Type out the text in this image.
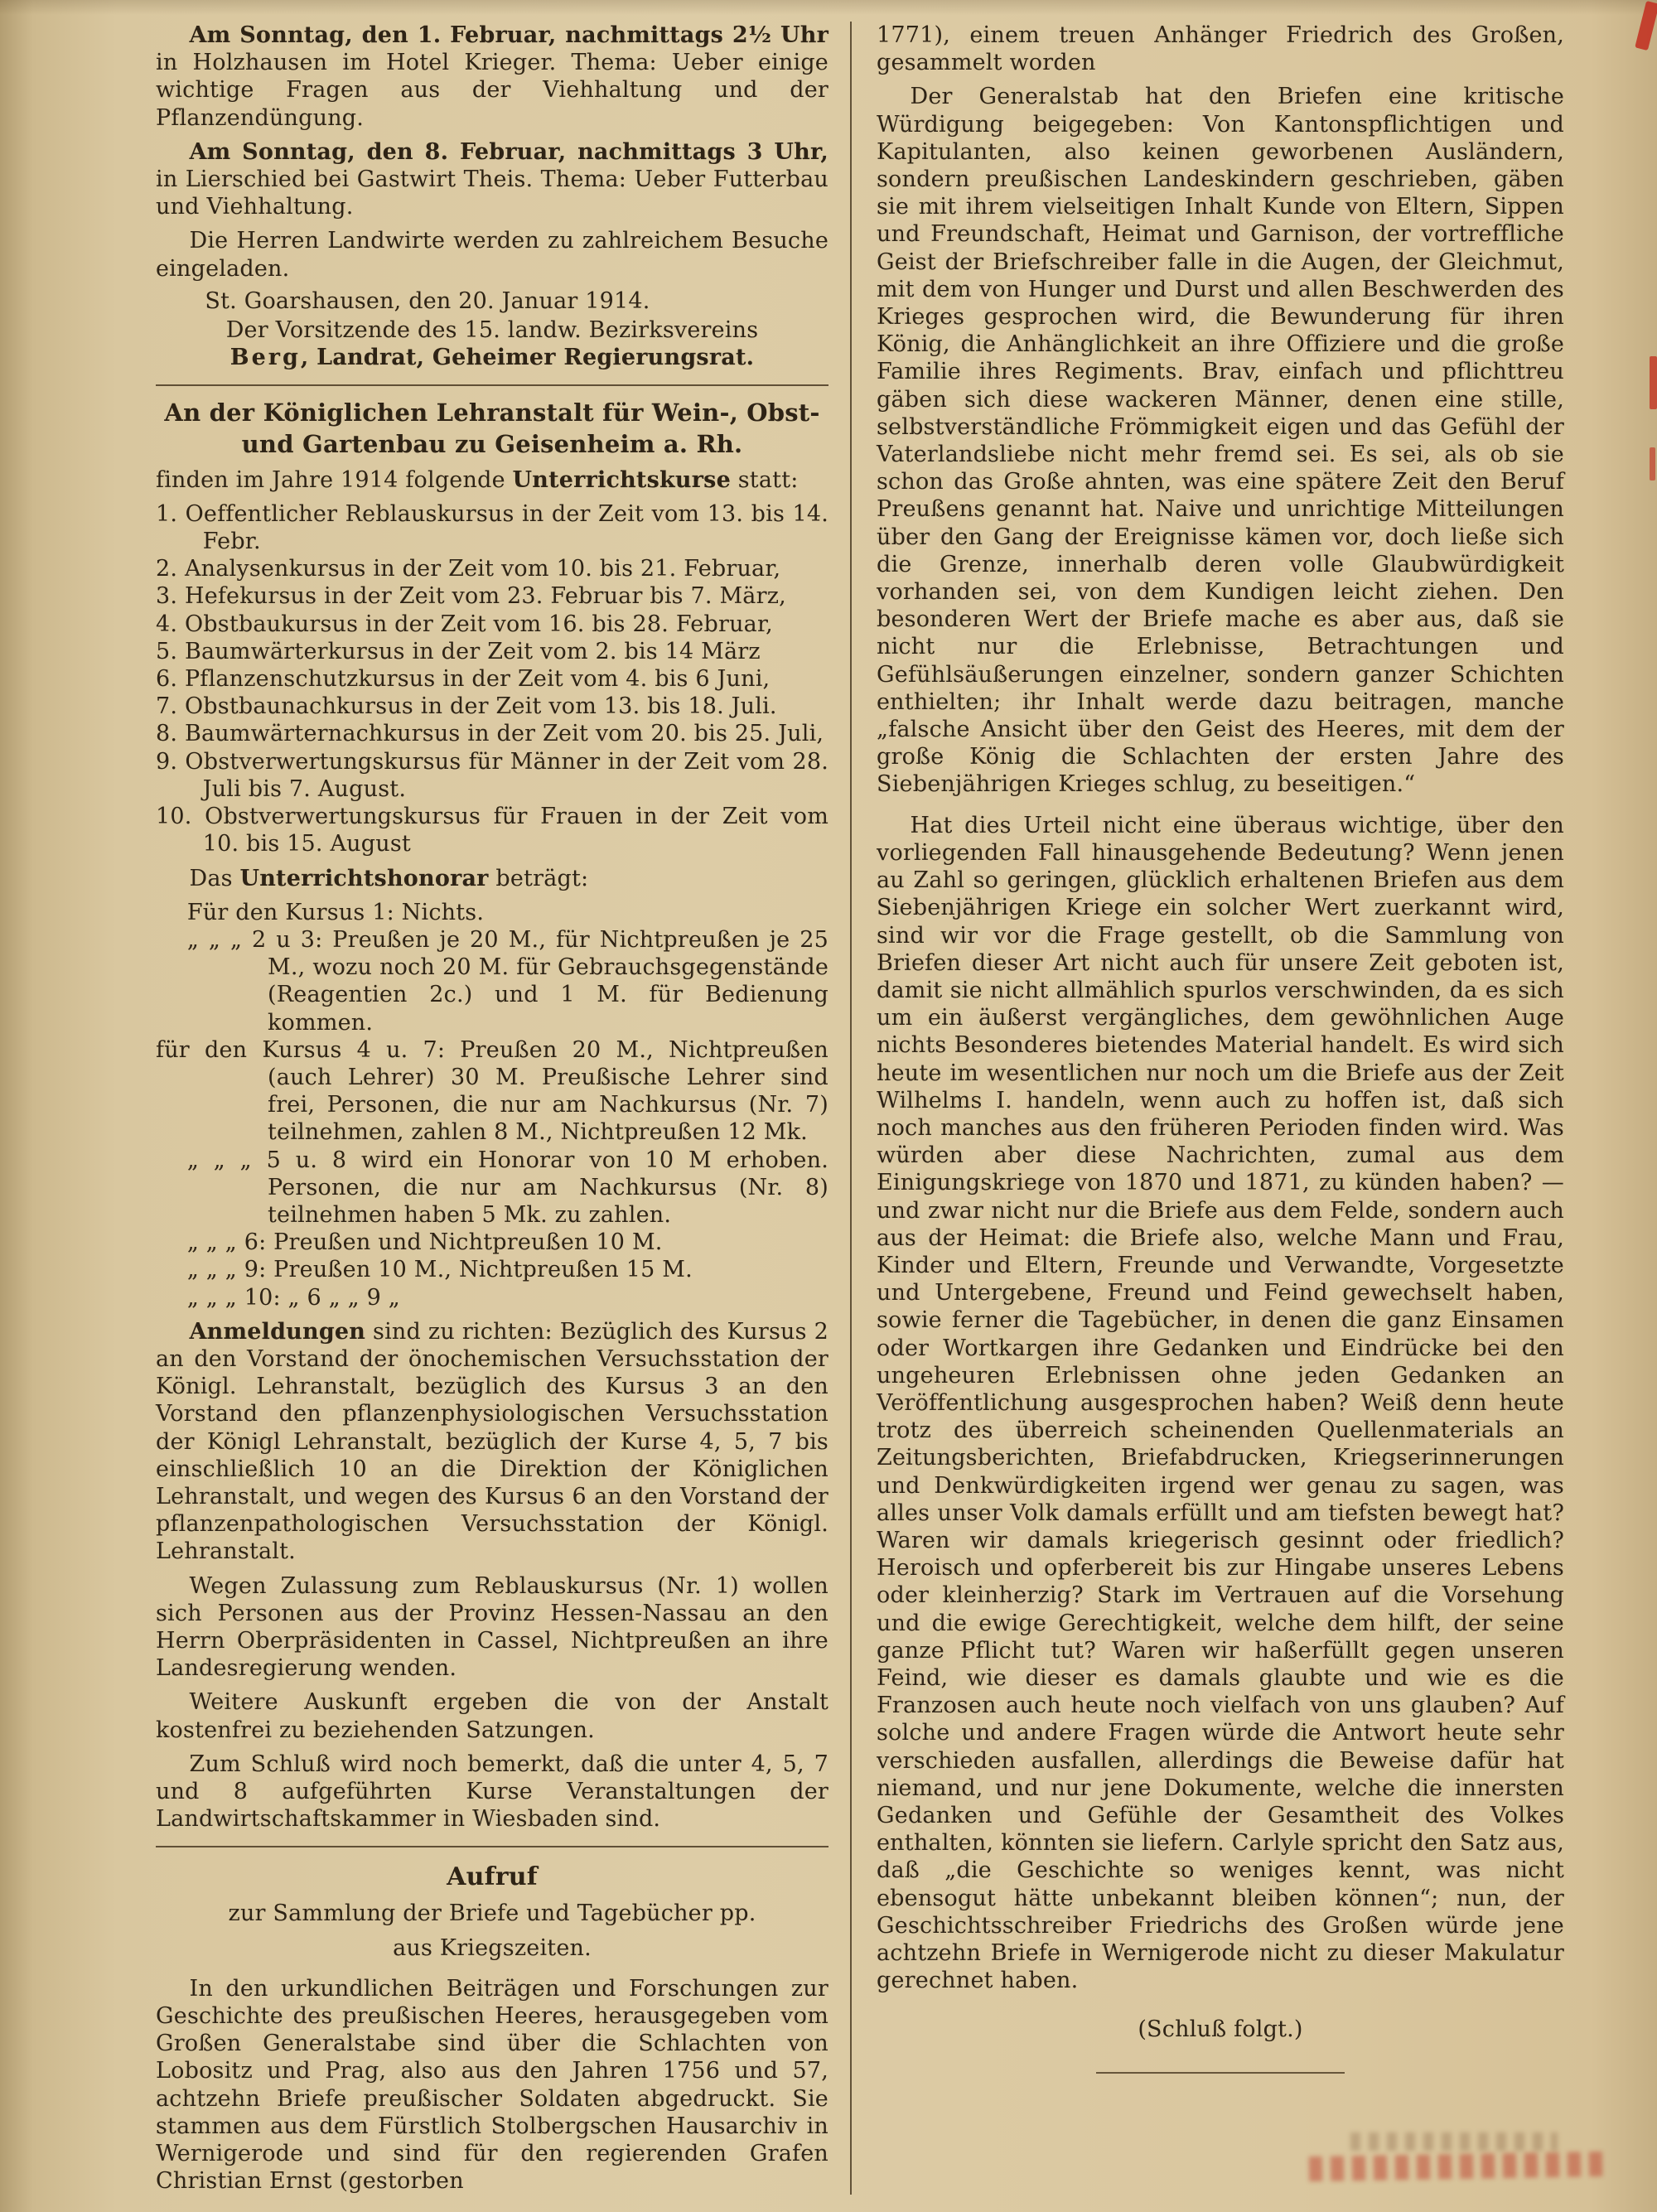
Am Sonntag, den 1. Februar, nachmittags 2½ Uhr in Holzhausen im Hotel Krieger. Thema: Ueber einige wichtige Fragen aus der Viehhaltung und der Pflanzendüngung.

Am Sonntag, den 8. Februar, nachmittags 3 Uhr, in Lierschied bei Gastwirt Theis. Thema: Ueber Futterbau und Viehhaltung.

Die Herren Landwirte werden zu zahlreichem Besuche eingeladen.

St. Goarshausen, den 20. Januar 1914.

Der Vorsitzende des 15. landw. Bezirksvereins

Berg, Landrat, Geheimer Regierungsrat.

An der Königlichen Lehranstalt für Wein-, Obst-

und Gartenbau zu Geisenheim a. Rh.

finden im Jahre 1914 folgende Unterrichtskurse statt:

1. Oeffentlicher Reblauskursus in der Zeit vom 13. bis 14. Febr.

2. Analysenkursus in der Zeit vom 10. bis 21. Februar,

3. Hefekursus in der Zeit vom 23. Februar bis 7. März,

4. Obstbaukursus in der Zeit vom 16. bis 28. Februar,

5. Baumwärterkursus in der Zeit vom 2. bis 14 März

6. Pflanzenschutzkursus in der Zeit vom 4. bis 6 Juni,

7. Obstbaunachkursus in der Zeit vom 13. bis 18. Juli.

8. Baumwärternachkursus in der Zeit vom 20. bis 25. Juli,

9. Obstverwertungskursus für Männer in der Zeit vom 28. Juli bis 7. August.

10. Obstverwertungskursus für Frauen in der Zeit vom 10. bis 15. August

Das Unterrichtshonorar beträgt:

Für den Kursus 1: Nichts.

„ „ „ 2 u 3: Preußen je 20 M., für Nichtpreußen je 25 M., wozu noch 20 M. für Gebrauchsgegenstände (Reagentien 2c.) und 1 M. für Bedienung kommen.

für den Kursus 4 u. 7: Preußen 20 M., Nichtpreußen (auch Lehrer) 30 M. Preußische Lehrer sind frei, Personen, die nur am Nachkursus (Nr. 7) teilnehmen, zahlen 8 M., Nichtpreußen 12 Mk.

„ „ „ 5 u. 8 wird ein Honorar von 10 M erhoben. Personen, die nur am Nachkursus (Nr. 8) teilnehmen haben 5 Mk. zu zahlen.

„ „ „ 6: Preußen und Nichtpreußen 10 M.

„ „ „ 9: Preußen 10 M., Nichtpreußen 15 M.

„ „ „ 10: „ 6 „ „ 9 „

Anmeldungen sind zu richten: Bezüglich des Kursus 2 an den Vorstand der önochemischen Versuchsstation der Königl. Lehranstalt, bezüglich des Kursus 3 an den Vorstand den pflanzenphysiologischen Versuchsstation der Königl Lehranstalt, bezüglich der Kurse 4, 5, 7 bis einschließlich 10 an die Direktion der Königlichen Lehranstalt, und wegen des Kursus 6 an den Vorstand der pflanzenpathologischen Versuchsstation der Königl. Lehranstalt.

Wegen Zulassung zum Reblauskursus (Nr. 1) wollen sich Personen aus der Provinz Hessen-Nassau an den Herrn Oberpräsidenten in Cassel, Nichtpreußen an ihre Landesregierung wenden.

Weitere Auskunft ergeben die von der Anstalt kostenfrei zu beziehenden Satzungen.

Zum Schluß wird noch bemerkt, daß die unter 4, 5, 7 und 8 aufgeführten Kurse Veranstaltungen der Landwirtschaftskammer in Wiesbaden sind.

Aufruf

zur Sammlung der Briefe und Tagebücher pp.

aus Kriegszeiten.

In den urkundlichen Beiträgen und Forschungen zur Geschichte des preußischen Heeres, herausgegeben vom Großen Generalstabe sind über die Schlachten von Lobositz und Prag, also aus den Jahren 1756 und 57, achtzehn Briefe preußischer Soldaten abgedruckt. Sie stammen aus dem Fürstlich Stolbergschen Hausarchiv in Wernigerode und sind für den regierenden Grafen Christian Ernst (gestorben

1771), einem treuen Anhänger Friedrich des Großen, gesammelt worden

Der Generalstab hat den Briefen eine kritische Würdigung beigegeben: Von Kantonspflichtigen und Kapitulanten, also keinen geworbenen Ausländern, sondern preußischen Landeskindern geschrieben, gäben sie mit ihrem vielseitigen Inhalt Kunde von Eltern, Sippen und Freundschaft, Heimat und Garnison, der vortreffliche Geist der Briefschreiber falle in die Augen, der Gleichmut, mit dem von Hunger und Durst und allen Beschwerden des Krieges gesprochen wird, die Bewunderung für ihren König, die Anhänglichkeit an ihre Offiziere und die große Familie ihres Regiments. Brav, einfach und pflichttreu gäben sich diese wackeren Männer, denen eine stille, selbstverständliche Frömmigkeit eigen und das Gefühl der Vaterlandsliebe nicht mehr fremd sei. Es sei, als ob sie schon das Große ahnten, was eine spätere Zeit den Beruf Preußens genannt hat. Naive und unrichtige Mitteilungen über den Gang der Ereignisse kämen vor, doch ließe sich die Grenze, innerhalb deren volle Glaubwürdigkeit vorhanden sei, von dem Kundigen leicht ziehen. Den besonderen Wert der Briefe mache es aber aus, daß sie nicht nur die Erlebnisse, Betrachtungen und Gefühlsäußerungen einzelner, sondern ganzer Schichten enthielten; ihr Inhalt werde dazu beitragen, manche „falsche Ansicht über den Geist des Heeres, mit dem der große König die Schlachten der ersten Jahre des Siebenjährigen Krieges schlug, zu beseitigen.“

Hat dies Urteil nicht eine überaus wichtige, über den vorliegenden Fall hinausgehende Bedeutung? Wenn jenen au Zahl so geringen, glücklich erhaltenen Briefen aus dem Siebenjährigen Kriege ein solcher Wert zuerkannt wird, sind wir vor die Frage gestellt, ob die Sammlung von Briefen dieser Art nicht auch für unsere Zeit geboten ist, damit sie nicht allmählich spurlos verschwinden, da es sich um ein äußerst vergängliches, dem gewöhnlichen Auge nichts Besonderes bietendes Material handelt. Es wird sich heute im wesentlichen nur noch um die Briefe aus der Zeit Wilhelms I. handeln, wenn auch zu hoffen ist, daß sich noch manches aus den früheren Perioden finden wird. Was würden aber diese Nachrichten, zumal aus dem Einigungskriege von 1870 und 1871, zu künden haben? — und zwar nicht nur die Briefe aus dem Felde, sondern auch aus der Heimat: die Briefe also, welche Mann und Frau, Kinder und Eltern, Freunde und Verwandte, Vorgesetzte und Untergebene, Freund und Feind gewechselt haben, sowie ferner die Tagebücher, in denen die ganz Einsamen oder Wortkargen ihre Gedanken und Eindrücke bei den ungeheuren Erlebnissen ohne jeden Gedanken an Veröffentlichung ausgesprochen haben? Weiß denn heute trotz des überreich scheinenden Quellenmaterials an Zeitungsberichten, Briefabdrucken, Kriegserinnerungen und Denkwürdigkeiten irgend wer genau zu sagen, was alles unser Volk damals erfüllt und am tiefsten bewegt hat? Waren wir damals kriegerisch gesinnt oder friedlich? Heroisch und opferbereit bis zur Hingabe unseres Lebens oder kleinherzig? Stark im Vertrauen auf die Vorsehung und die ewige Gerechtigkeit, welche dem hilft, der seine ganze Pflicht tut? Waren wir haßerfüllt gegen unseren Feind, wie dieser es damals glaubte und wie es die Franzosen auch heute noch vielfach von uns glauben? Auf solche und andere Fragen würde die Antwort heute sehr verschieden ausfallen, allerdings die Beweise dafür hat niemand, und nur jene Dokumente, welche die innersten Gedanken und Gefühle der Gesamtheit des Volkes enthalten, könnten sie liefern. Carlyle spricht den Satz aus, daß „die Geschichte so weniges kennt, was nicht ebensogut hätte unbekannt bleiben können“; nun, der Geschichtsschreiber Friedrichs des Großen würde jene achtzehn Briefe in Wernigerode nicht zu dieser Makulatur gerechnet haben.

(Schluß folgt.)
